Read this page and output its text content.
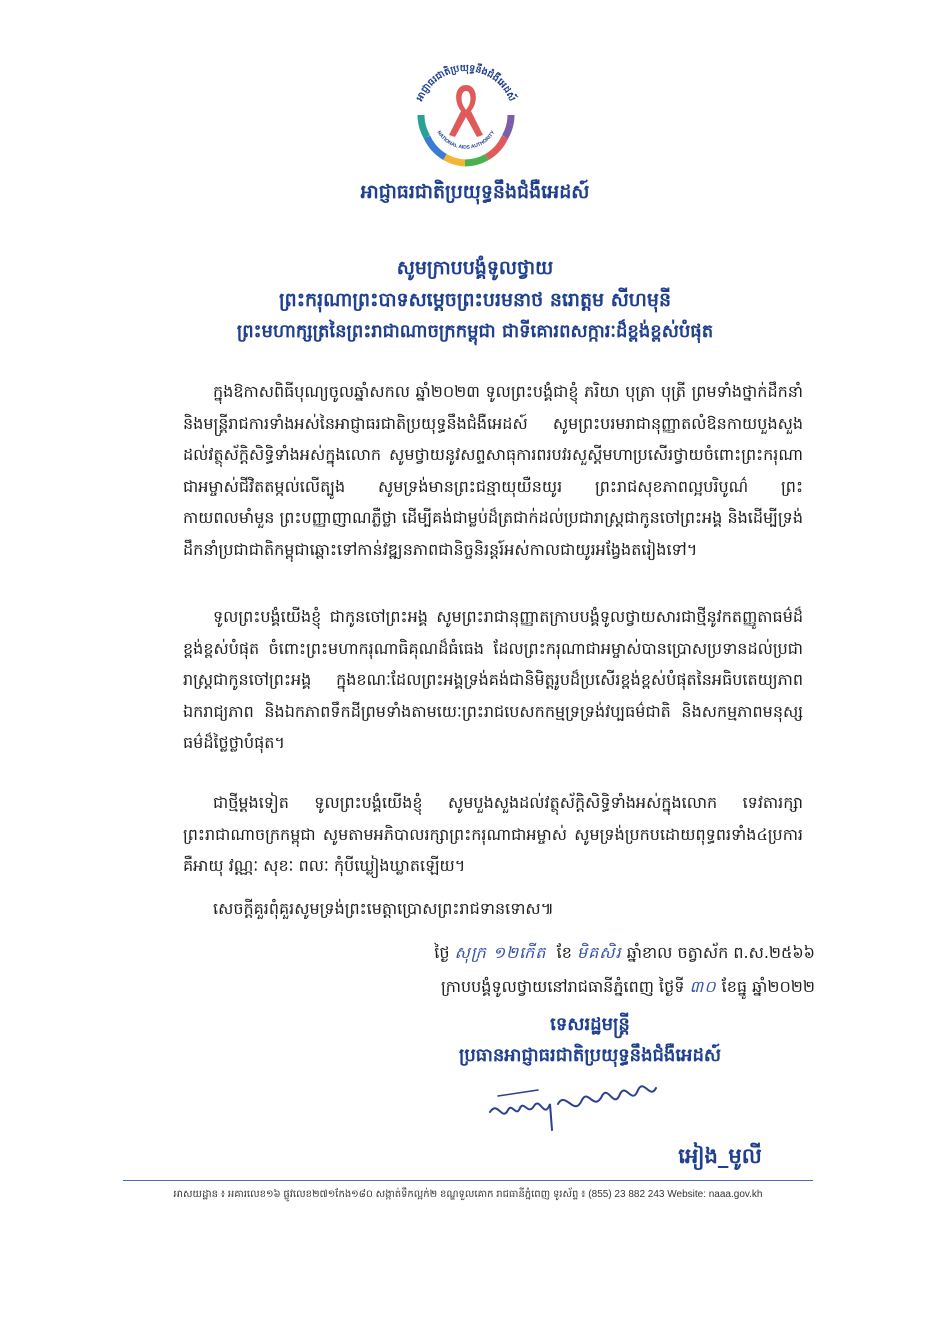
អាជ្ញាធរជាតិប្រយុទ្ធនឹងជំងឺអេដស៍
NATIONAL AIDS AUTHORITY
អាជ្ញាធរជាតិប្រយុទ្ធនឹងជំងឺអេដស៍
សូមក្រាបបង្គំទូលថ្វាយ
ព្រះករុណាព្រះបាទសម្តេចព្រះបរមនាថ នរោត្តម សីហមុនី
ព្រះមហាក្សត្រនៃព្រះរាជាណាចក្រកម្ពុជា ជាទីគោរពសក្ការៈដ៏ខ្ពង់ខ្ពស់បំផុត
ក្នុងឱកាសពិធីបុណ្យចូលឆ្នាំសកល ឆ្នាំ២០២៣ ទូលព្រះបង្គំជាខ្ញុំ ភរិយា បុត្រា បុត្រី ព្រមទាំងថ្នាក់ដឹកនាំ និងមន្ត្រីរាជការទាំងអស់នៃអាជ្ញាធរជាតិប្រយុទ្ធនឹងជំងឺអេដស៍ សូមព្រះបរមរាជានុញ្ញាតលំឱនកាយបួងសួងដល់វត្ថុស័ក្តិសិទ្ធិទាំងអស់ក្នុងលោក សូមថ្វាយនូវសព្ទសាធុការពរបវរសួស្តីមហាប្រសើរថ្វាយចំពោះព្រះករុណាជាអម្ចាស់ជីវិតតម្កល់លើត្បូង សូមទ្រង់មានព្រះជន្មាយុយឺនយូរ ព្រះរាជសុខភាពល្អបរិបូណ៌ ព្រះកាយពលមាំមួន ព្រះបញ្ញាញាណភ្លឺថ្លា ដើម្បីគង់ជាម្លប់ដ៏ត្រជាក់ដល់ប្រជារាស្ត្រជាកូនចៅព្រះអង្គ និងដើម្បីទ្រង់ដឹកនាំប្រជាជាតិកម្ពុជាឆ្ពោះទៅកាន់វឌ្ឍនភាពជានិច្ចនិរន្តរ៍អស់កាលជាយូរអង្វែងតរៀងទៅ។
ទូលព្រះបង្គំយើងខ្ញុំ ជាកូនចៅព្រះអង្គ សូមព្រះរាជានុញ្ញាតក្រាបបង្គំទូលថ្វាយសារជាថ្មីនូវកតញ្ញូតាធម៌ដ៏ខ្ពង់ខ្ពស់បំផុត ចំពោះព្រះមហាករុណាធិគុណដ៏ធំធេង ដែលព្រះករុណាជាអម្ចាស់បានប្រោសប្រទានដល់ប្រជារាស្ត្រជាកូនចៅព្រះអង្គ ក្នុងខណៈដែលព្រះអង្គទ្រង់គង់ជានិមិត្តរូបដ៏ប្រសើរខ្ពង់ខ្ពស់បំផុតនៃអធិបតេយ្យភាព ឯករាជ្យភាព និងឯកភាពទឹកដីព្រមទាំងតាមយេៈព្រះរាជបេសកកម្មទ្រទ្រង់វប្បធម៌ជាតិ និងសកម្មភាពមនុស្សធម៌ដ៏ថ្លៃថ្លាបំផុត។
ជាថ្មីម្តងទៀត ទូលព្រះបង្គំយើងខ្ញុំ សូមបួងសួងដល់វត្ថុស័ក្តិសិទ្ធិទាំងអស់ក្នុងលោក ទេវតារក្សាព្រះរាជាណាចក្រកម្ពុជា សូមតាមអភិបាលរក្សាព្រះករុណាជាអម្ចាស់ សូមទ្រង់ប្រកបដោយពុទ្ធពរទាំង៤ប្រការ គឺអាយុ វណ្ណៈ សុខៈ ពលៈ កុំបីឃ្លៀងឃ្លាតឡើយ។
សេចក្តីគួរពុំគួរសូមទ្រង់ព្រះមេត្តាប្រោសព្រះរាជទានទោស៕
ថ្ងៃ សុក្រ ១២កើត ខែ មិគសិរ ឆ្នាំខាល ចត្វាស័ក ព.ស.២៥៦៦
ក្រាបបង្គំទូលថ្វាយនៅរាជធានីភ្នំពេញ ថ្ងៃទី ៣០ ខែធ្នូ ឆ្នាំ២០២២
ទេសរដ្ឋមន្ត្រី
ប្រធានអាជ្ញាធរជាតិប្រយុទ្ធនឹងជំងឺអេដស៍
អៀង_មូលី
អាសយដ្ឋាន ៖ អគារលេខ១៦ ផ្លូវលេខ២៧១កែង១៨០ សង្កាត់ទឹកល្អក់២ ខណ្ឌទួលគោក រាជធានីភ្នំពេញ ទូរស័ព្ទ ៖ (855) 23 882 243 Website: naaa.gov.kh
